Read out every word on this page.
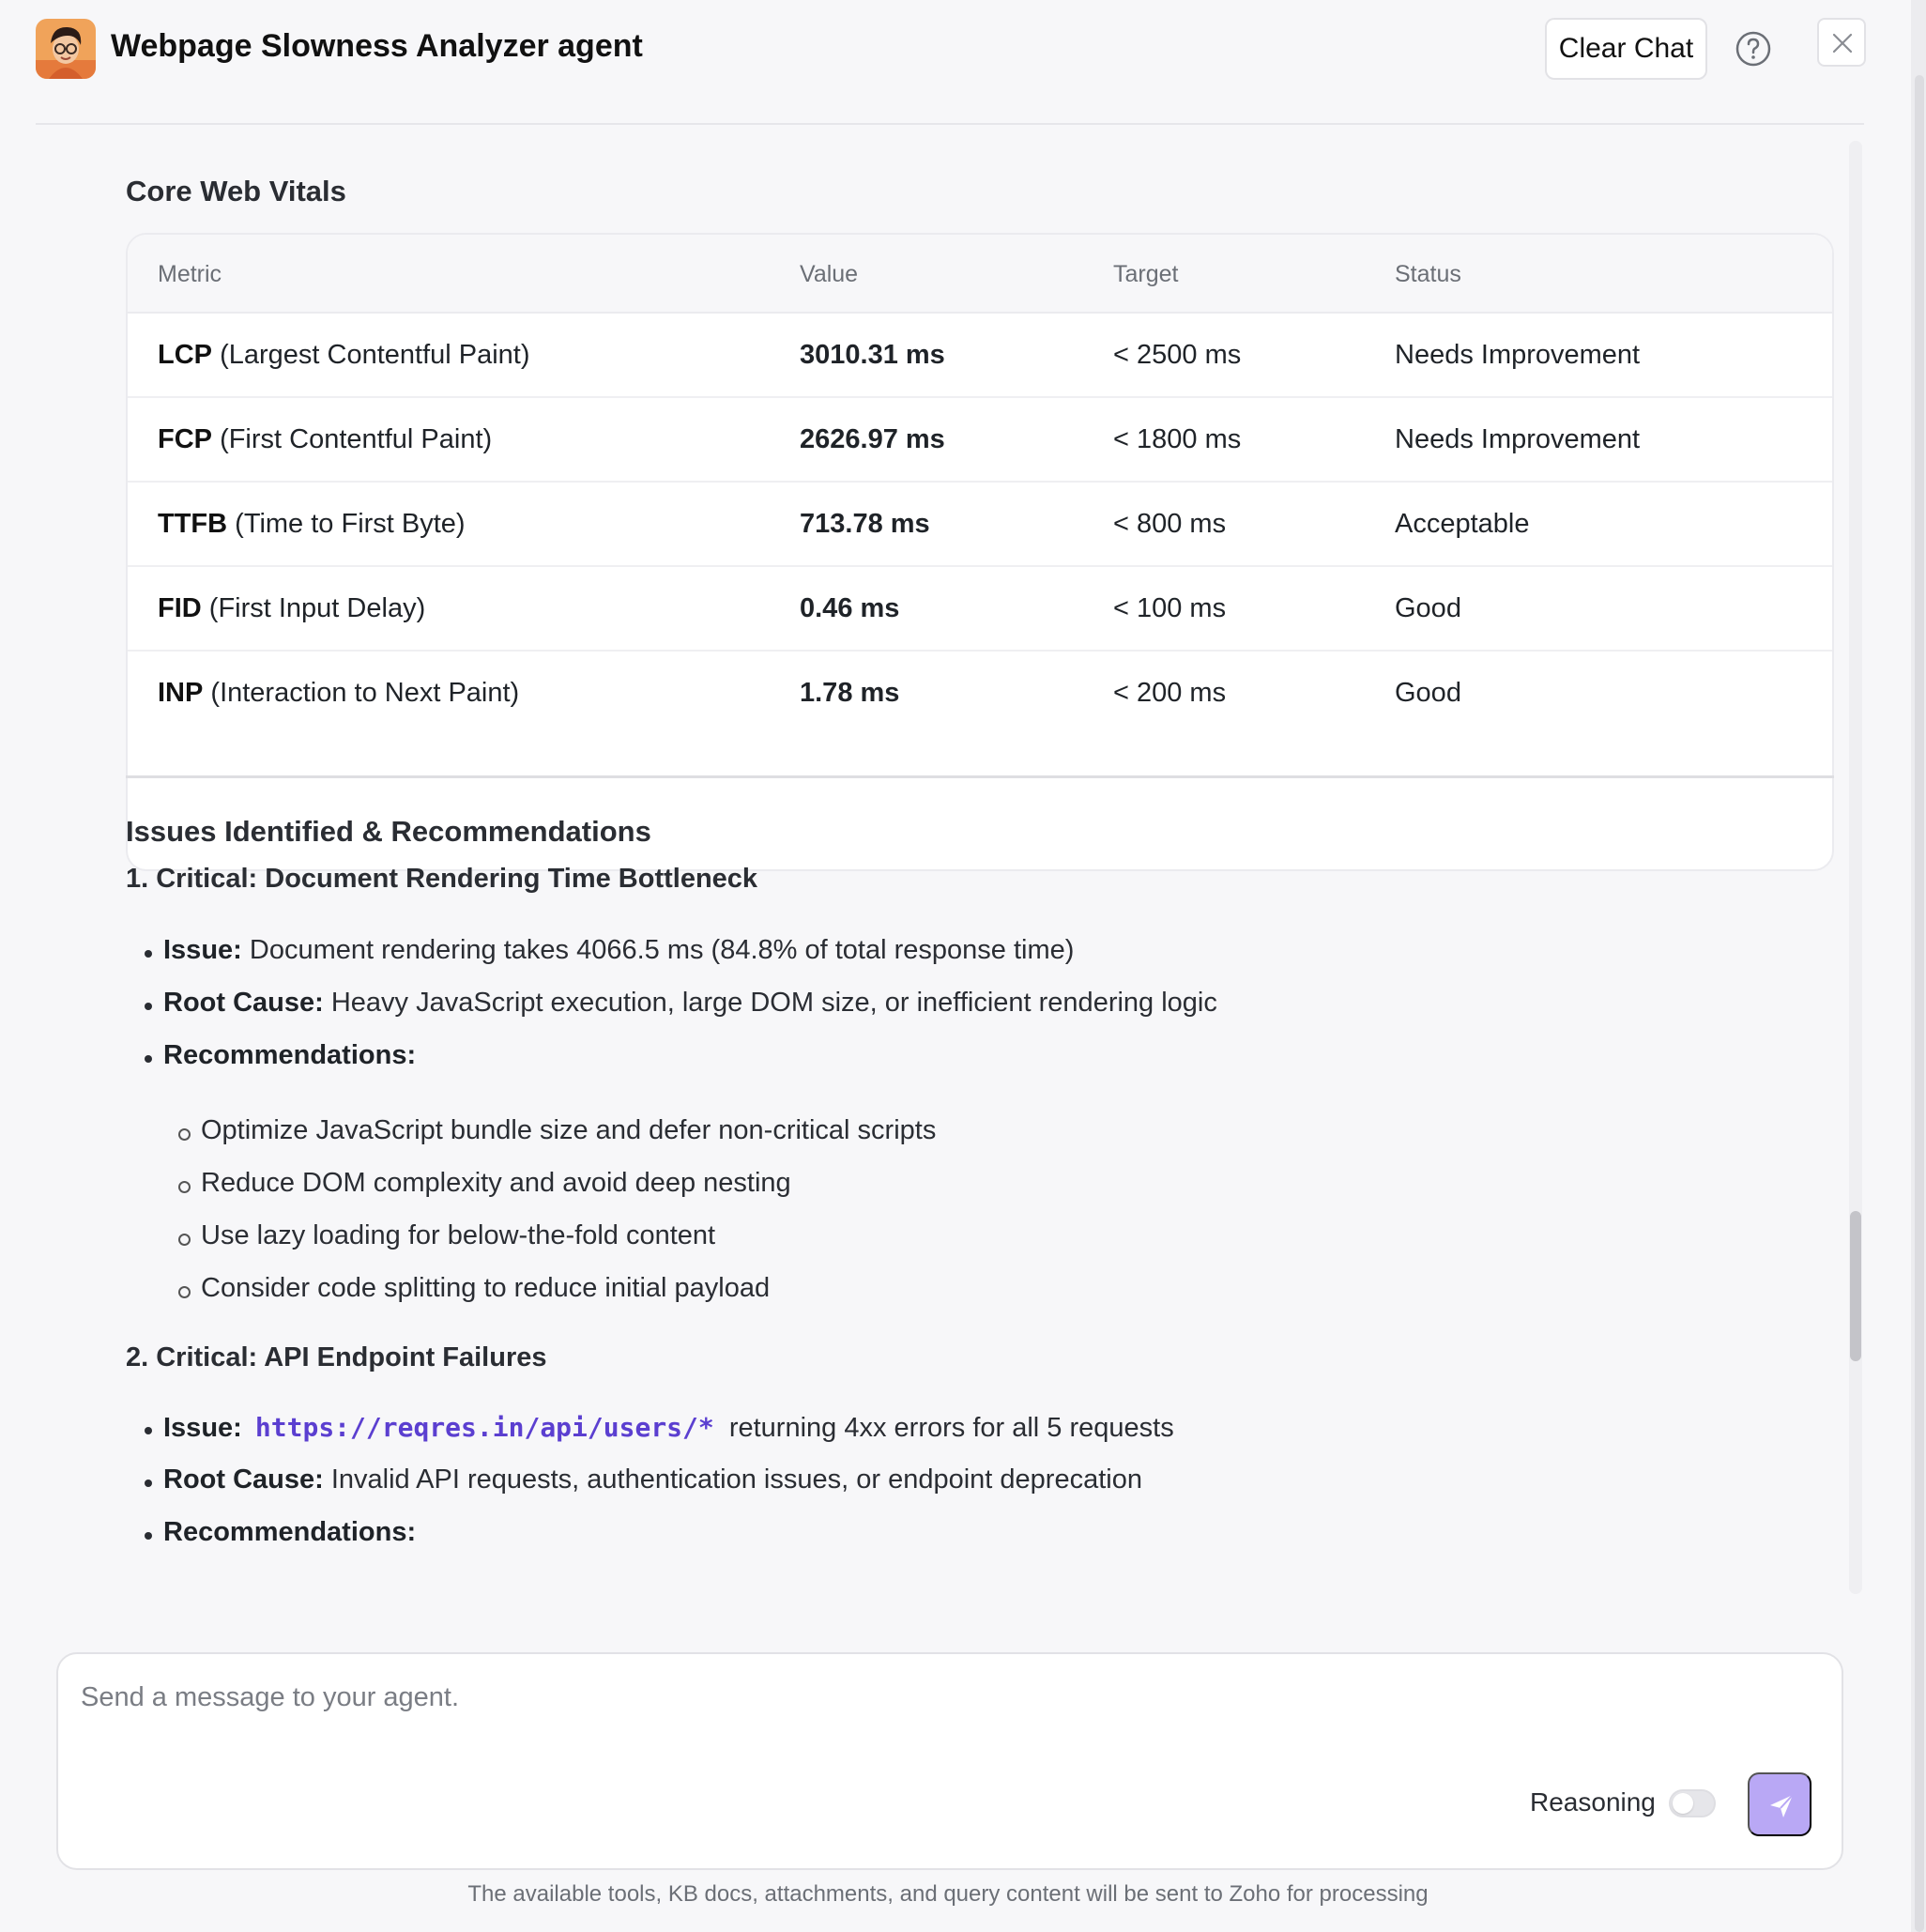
Webpage Slowness Analyzer agent	Clear Chat
Core Web Vitals
Metric	Value	Target	Status
LCP (Largest Contentful Paint)	3010.31 ms	< 2500 ms	Needs Improvement
FCP (First Contentful Paint)	2626.97 ms	< 1800 ms	Needs Improvement
TTFB (Time to First Byte)	713.78 ms	< 800 ms	Acceptable
FID (First Input Delay)	0.46 ms	< 100 ms	Good
INP (Interaction to Next Paint)	1.78 ms	< 200 ms	Good
Issues Identified & Recommendations
1. Critical: Document Rendering Time Bottleneck
Issue: Document rendering takes 4066.5 ms (84.8% of total response time)
Root Cause: Heavy JavaScript execution, large DOM size, or inefficient rendering logic
Recommendations:
Optimize JavaScript bundle size and defer non-critical scripts
Reduce DOM complexity and avoid deep nesting
Use lazy loading for below-the-fold content
Consider code splitting to reduce initial payload
2. Critical: API Endpoint Failures
Issue: https://reqres.in/api/users/* returning 4xx errors for all 5 requests
Root Cause: Invalid API requests, authentication issues, or endpoint deprecation
Recommendations:
Send a message to your agent.
Reasoning
The available tools, KB docs, attachments, and query content will be sent to Zoho for processing
